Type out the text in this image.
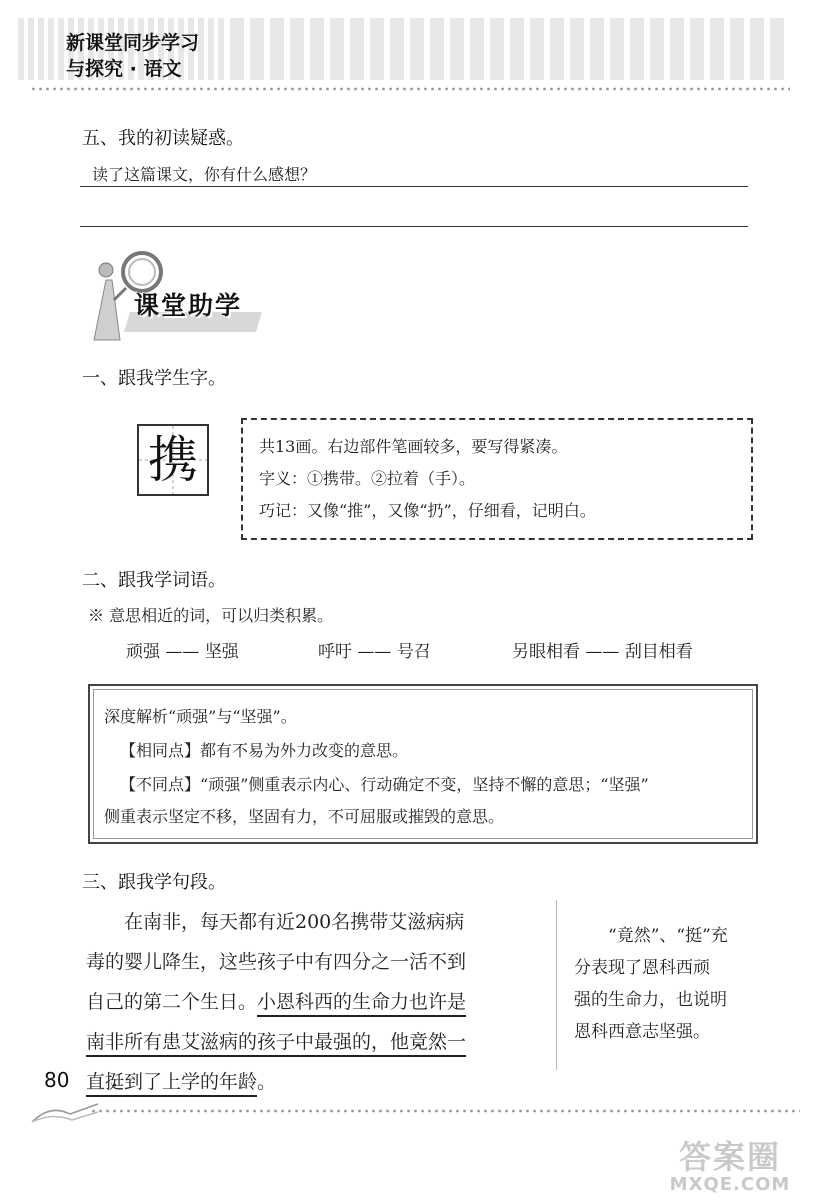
新课堂同步学习
与探究 · 语文
五、我的初读疑惑。
读了这篇课文，你有什么感想？
课堂助学
一、跟我学生字。
携	共13画。右边部件笔画较多，要写得紧凑。
字义：①携带。②拉着（手）。
巧记：又像“推”，又像“扔”，仔细看，记明白。
二、跟我学词语。
※ 意思相近的词，可以归类积累。
顽强 —— 坚强	呼吁 —— 号召	另眼相看 —— 刮目相看
深度解析“顽强”与“坚强”。
【相同点】都有不易为外力改变的意思。
【不同点】“顽强”侧重表示内心、行动确定不变，坚持不懈的意思；“坚强”
侧重表示坚定不移，坚固有力，不可屈服或摧毁的意思。
三、跟我学句段。
在南非，每天都有近200名携带艾滋病病
毒的婴儿降生，这些孩子中有四分之一活不到
自己的第二个生日。小恩科西的生命力也许是
南非所有患艾滋病的孩子中最强的，他竟 •然 •一
直挺 •到了上学的年龄。
“竟然”、“挺”充
分表现了恩科西顽
强的生命力，也说明
恩科西意志坚强。
80
答案圈
MXQE.COM
